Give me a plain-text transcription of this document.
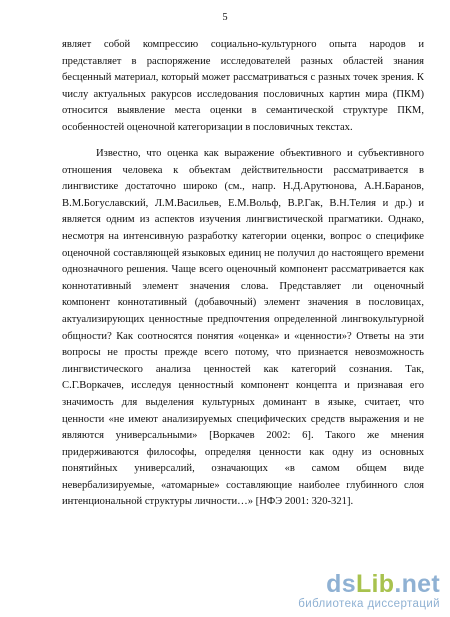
5
являет собой компрессию социально-культурного опыта народов и
представляет в распоряжение исследователей разных областей знания
бесценный материал, который может рассматриваться с разных точек зрения. К
числу актуальных ракурсов исследования пословичных картин мира (ПКМ)
относится выявление места оценки в семантической структуре ПКМ,
особенностей оценочной категоризации в пословичных текстах.
Известно, что оценка как выражение объективного и субъективного
отношения человека к объектам действительности рассматривается в
лингвистике достаточно широко (см., напр. Н.Д.Арутюнова, А.Н.Баранов,
В.М.Богуславский, Л.М.Васильев, Е.М.Вольф, В.Р.Гак, В.Н.Телия и др.) и
является одним из аспектов изучения лингвистической прагматики. Однако,
несмотря на интенсивную разработку категории оценки, вопрос о специфике
оценочной составляющей языковых единиц не получил до настоящего времени
однозначного решения. Чаще всего оценочный компонент рассматривается как
коннотативный элемент значения слова. Представляет ли оценочный
компонент коннотативный (добавочный) элемент значения в пословицах,
актуализирующих ценностные предпочтения определенной лингвокультурной
общности? Как соотносятся понятия «оценка» и «ценности»? Ответы на эти
вопросы не просты прежде всего потому, что признается невозможность
лингвистического анализа ценностей как категорий сознания. Так,
С.Г.Воркачев, исследуя ценностный компонент концепта и признавая его
значимость для выделения культурных доминант в языке, считает, что
ценности «не имеют анализируемых специфических средств выражения и не
являются универсальными» [Воркачев 2002: 6]. Такого же мнения
придерживаются философы, определяя ценности как одну из основных
понятийных универсалий, означающих «в самом общем виде
невербализируемые, «атомарные» составляющие наиболее глубинного слоя
интенциональной структуры личности…» [НФЭ 2001: 320-321].
dsLib.net
библиотека диссертаций
